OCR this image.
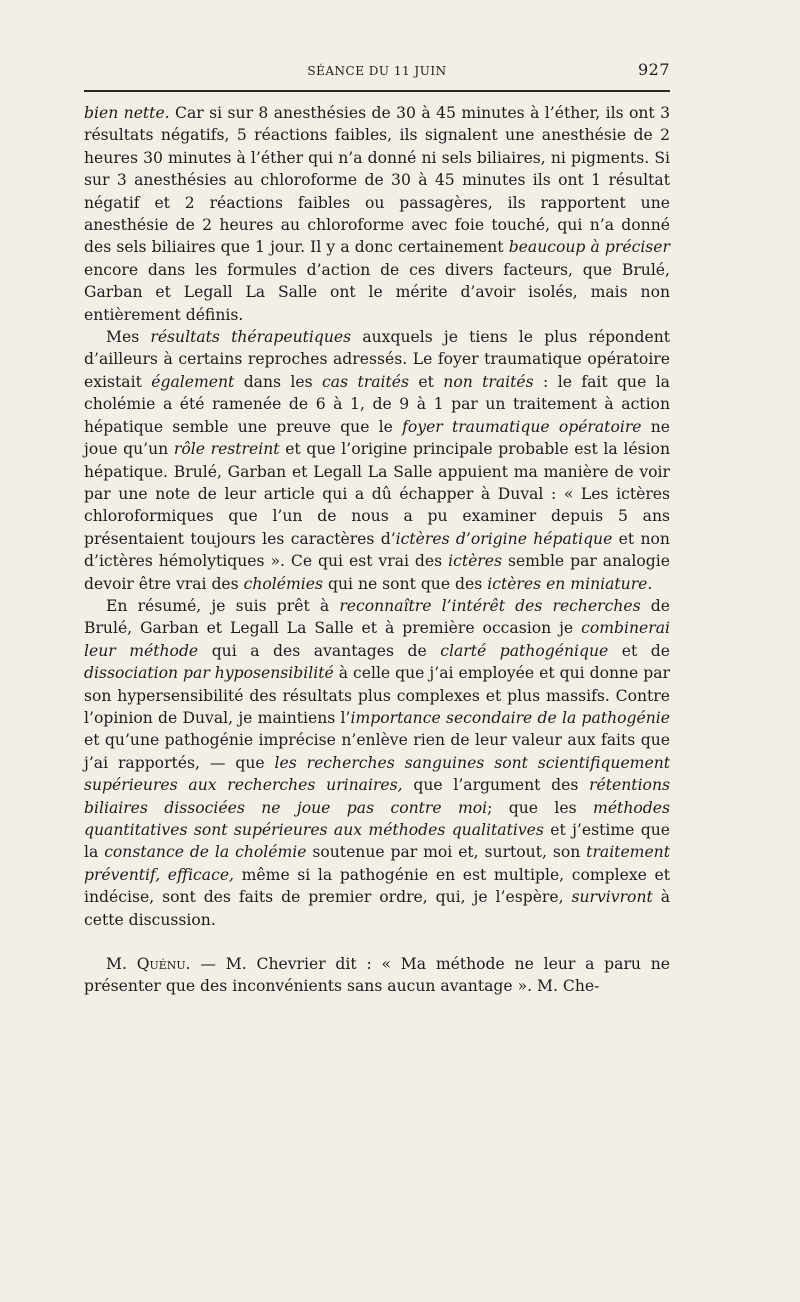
SÉANCE DU 11 JUIN	927

bien nette. Car si sur 8 anesthésies de 30 à 45 minutes à l’éther, ils ont 3 résultats négatifs, 5 réactions faibles, ils signalent une anesthésie de 2 heures 30 minutes à l’éther qui n’a donné ni sels biliaires, ni pigments. Si sur 3 anesthésies au chloroforme de 30 à 45 minutes ils ont 1 résultat négatif et 2 réactions faibles ou passagères, ils rapportent une anesthésie de 2 heures au chloroforme avec foie touché, qui n’a donné des sels biliaires que 1 jour. Il y a donc certainement beaucoup à préciser encore dans les formules d’action de ces divers facteurs, que Brulé, Garban et Legall La Salle ont le mérite d’avoir isolés, mais non entièrement définis.

Mes résultats thérapeutiques auxquels je tiens le plus répondent d’ailleurs à certains reproches adressés. Le foyer traumatique opératoire existait également dans les cas traités et non traités : le fait que la cholémie a été ramenée de 6 à 1, de 9 à 1 par un traitement à action hépatique semble une preuve que le foyer traumatique opératoire ne joue qu’un rôle restreint et que l’origine principale probable est la lésion hépatique. Brulé, Garban et Legall La Salle appuient ma manière de voir par une note de leur article qui a dû échapper à Duval : « Les ictères chloroformiques que l’un de nous a pu examiner depuis 5 ans présentaient toujours les caractères d’ictères d’origine hépatique et non d’ictères hémolytiques ». Ce qui est vrai des ictères semble par analogie devoir être vrai des cholémies qui ne sont que des ictères en miniature.

En résumé, je suis prêt à reconnaître l’intérêt des recherches de Brulé, Garban et Legall La Salle et à première occasion je combinerai leur méthode qui a des avantages de clarté pathogénique et de dissociation par hyposensibilité à celle que j’ai employée et qui donne par son hypersensibilité des résultats plus complexes et plus massifs. Contre l’opinion de Duval, je maintiens l’importance secondaire de la pathogénie et qu’une pathogénie imprécise n’enlève rien de leur valeur aux faits que j’ai rapportés, — que les recherches sanguines sont scientifiquement supérieures aux recherches urinaires, que l’argument des rétentions biliaires dissociées ne joue pas contre moi; que les méthodes quantitatives sont supérieures aux méthodes qualitatives et j’estime que la constance de la cholémie soutenue par moi et, surtout, son traitement préventif, efficace, même si la pathogénie en est multiple, complexe et indécise, sont des faits de premier ordre, qui, je l’espère, survivront à cette discussion.

M. Quénu. — M. Chevrier dit : « Ma méthode ne leur a paru ne présenter que des inconvénients sans aucun avantage ». M. Che-
